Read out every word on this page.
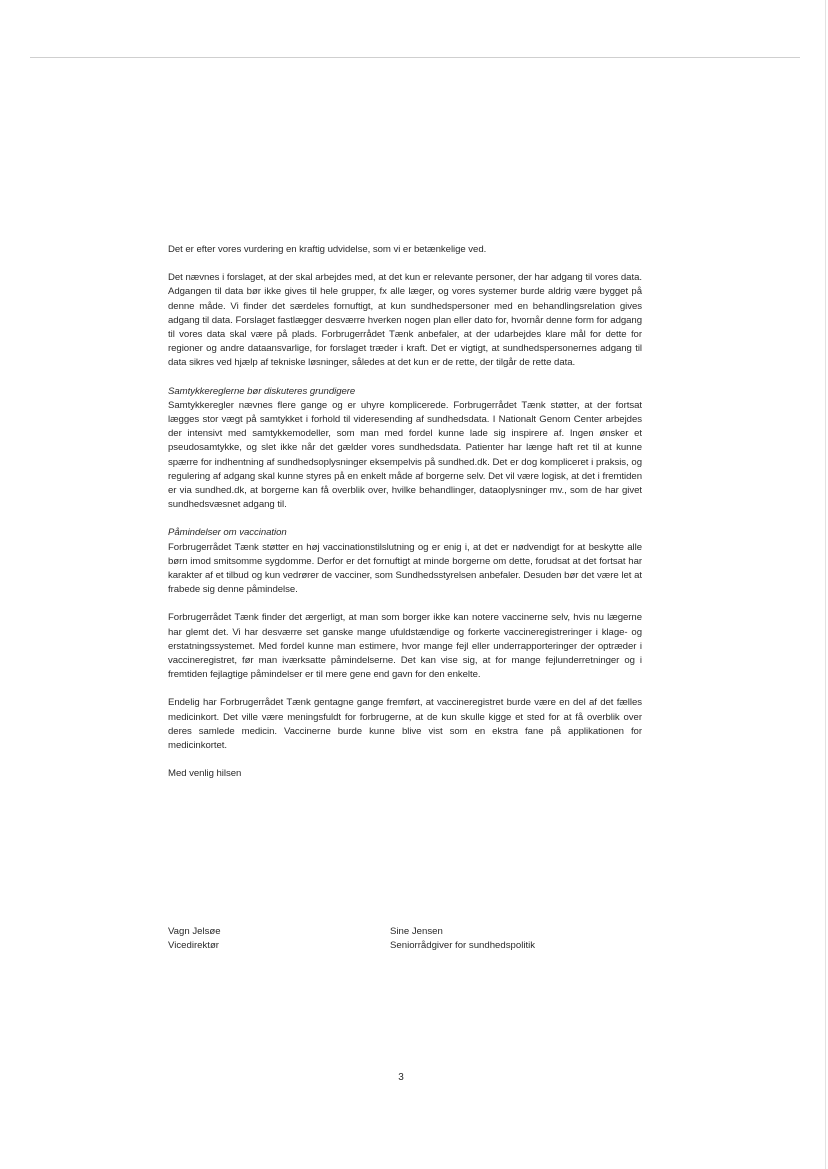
Det er efter vores vurdering en kraftig udvidelse, som vi er betænkelige ved.

Det nævnes i forslaget, at der skal arbejdes med, at det kun er relevante personer, der har adgang til vores data. Adgangen til data bør ikke gives til hele grupper, fx alle læger, og vores systemer burde aldrig være bygget på denne måde. Vi finder det særdeles fornuftigt, at kun sundhedspersoner med en behandlingsrelation gives adgang til data. Forslaget fastlægger desværre hverken nogen plan eller dato for, hvornår denne form for adgang til vores data skal være på plads. Forbrugerrådet Tænk anbefaler, at der udarbejdes klare mål for dette for regioner og andre dataansvarlige, for forslaget træder i kraft. Det er vigtigt, at sundhedspersonernes adgang til data sikres ved hjælp af tekniske løsninger, således at det kun er de rette, der tilgår de rette data.

Samtykkereglerne bør diskuteres grundigere
Samtykkeregler nævnes flere gange og er uhyre komplicerede. Forbrugerrådet Tænk støtter, at der fortsat lægges stor vægt på samtykket i forhold til videresending af sundhedsdata. I Nationalt Genom Center arbejdes der intensivt med samtykkemodeller, som man med fordel kunne lade sig inspirere af. Ingen ønsker et pseudosamtykke, og slet ikke når det gælder vores sundhedsdata. Patienter har længe haft ret til at kunne spærre for indhentning af sundhedsoplysninger eksempelvis på sundhed.dk. Det er dog kompliceret i praksis, og regulering af adgang skal kunne styres på en enkelt måde af borgerne selv. Det vil være logisk, at det i fremtiden er via sundhed.dk, at borgerne kan få overblik over, hvilke behandlinger, dataoplysninger mv., som de har givet sundhedsvæsnet adgang til.

Påmindelser om vaccination
Forbrugerrådet Tænk støtter en høj vaccinationstilslutning og er enig i, at det er nødvendigt for at beskytte alle børn imod smitsomme sygdomme. Derfor er det fornuftigt at minde borgerne om dette, forudsat at det fortsat har karakter af et tilbud og kun vedrører de vacciner, som Sundhedsstyrelsen anbefaler. Desuden bør det være let at frabede sig denne påmindelse.

Forbrugerrådet Tænk finder det ærgerligt, at man som borger ikke kan notere vaccinerne selv, hvis nu lægerne har glemt det. Vi har desværre set ganske mange ufuldstændige og forkerte vaccineregistreringer i klage- og erstatningssystemet. Med fordel kunne man estimere, hvor mange fejl eller underrapporteringer der optræder i vaccineregistret, før man iværksatte påmindelserne. Det kan vise sig, at for mange fejlunderretninger og i fremtiden fejlagtige påmindelser er til mere gene end gavn for den enkelte.

Endelig har Forbrugerrådet Tænk gentagne gange fremført, at vaccineregistret burde være en del af det fælles medicinkort. Det ville være meningsfuldt for forbrugerne, at de kun skulle kigge et sted for at få overblik over deres samlede medicin. Vaccinerne burde kunne blive vist som en ekstra fane på applikationen for medicinkortet.

Med venlig hilsen

Vagn Jelsøe
Vicedirektør
Sine Jensen
Seniorrådgiver for sundhedspolitik
3
